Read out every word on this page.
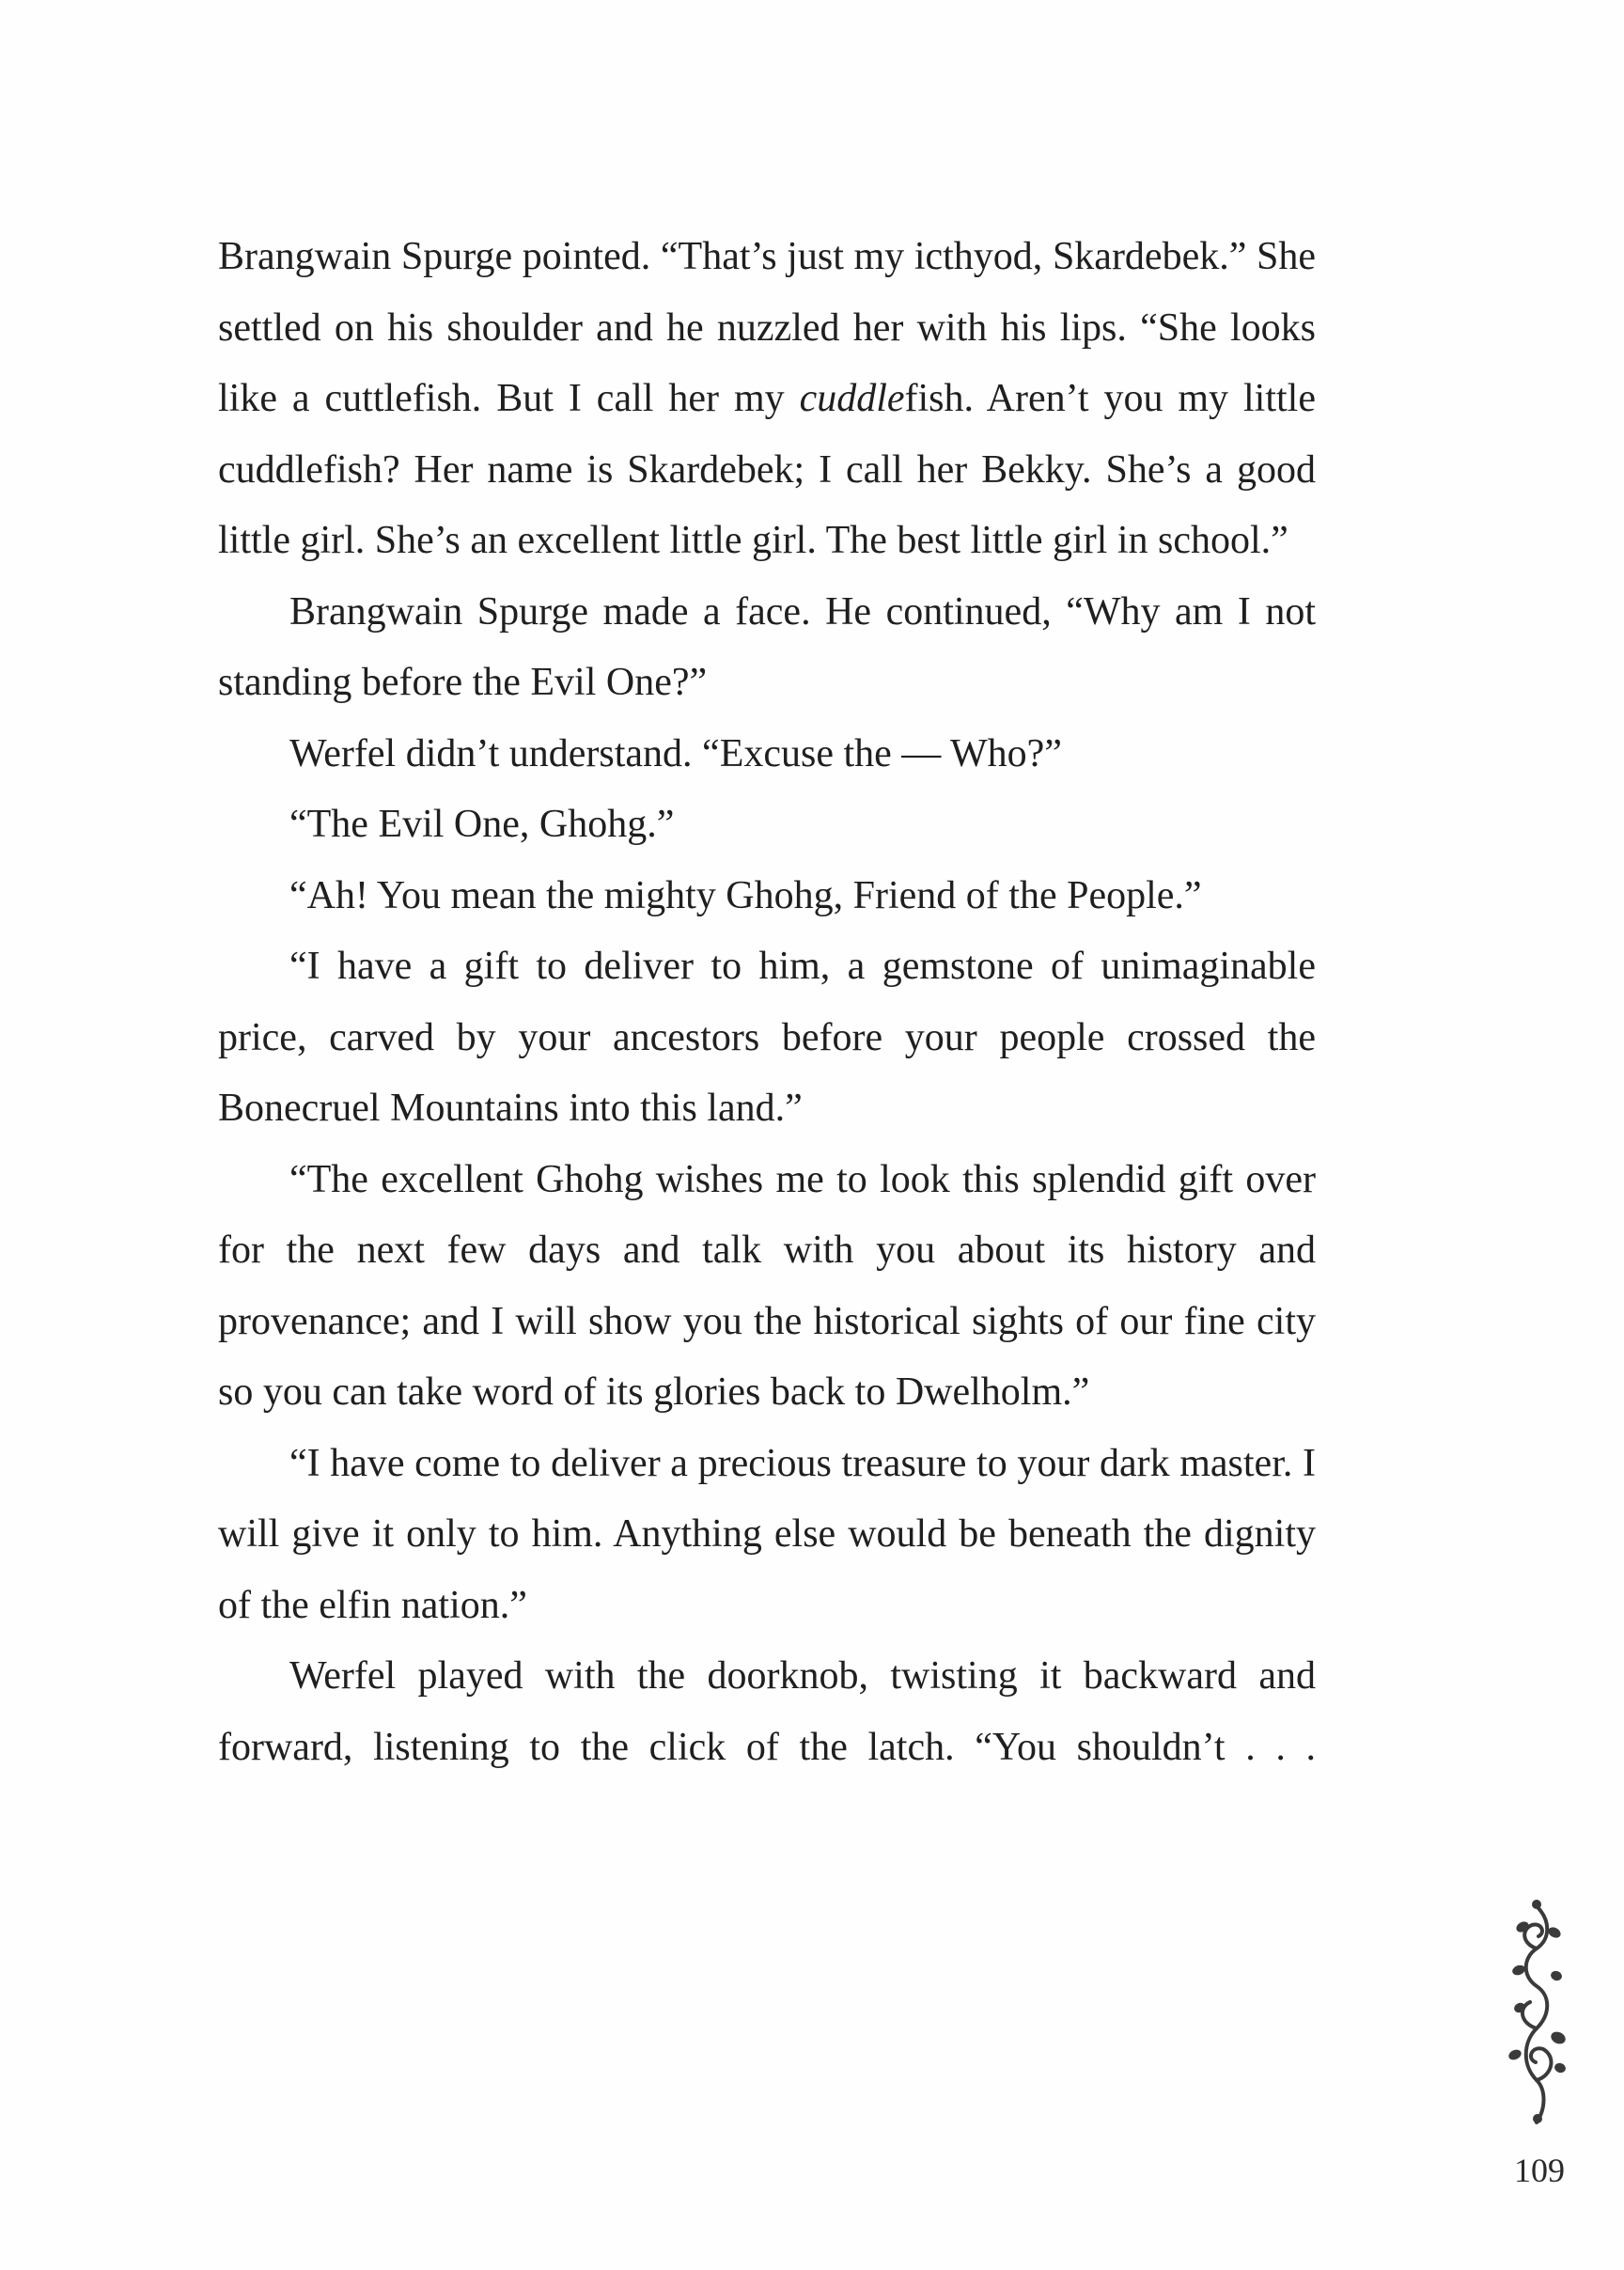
Brangwain Spurge pointed. “That’s just my icthyod, Skardebek.” She settled on his shoulder and he nuzzled her with his lips. “She looks like a cuttlefish. But I call her my cuddlefish. Aren’t you my little cuddlefish? Her name is Skardebek; I call her Bekky. She’s a good little girl. She’s an excellent little girl. The best little girl in school.”

Brangwain Spurge made a face. He continued, “Why am I not standing before the Evil One?”

Werfel didn’t understand. “Excuse the — Who?”

“The Evil One, Ghohg.”

“Ah! You mean the mighty Ghohg, Friend of the People.”

“I have a gift to deliver to him, a gemstone of unimaginable price, carved by your ancestors before your people crossed the Bonecruel Mountains into this land.”

“The excellent Ghohg wishes me to look this splendid gift over for the next few days and talk with you about its history and provenance; and I will show you the historical sights of our fine city so you can take word of its glories back to Dwelholm.”

“I have come to deliver a precious treasure to your dark master. I will give it only to him. Anything else would be beneath the dignity of the elfin nation.”

Werfel played with the doorknob, twisting it backward and forward, listening to the click of the latch. “You shouldn’t . . .

109
